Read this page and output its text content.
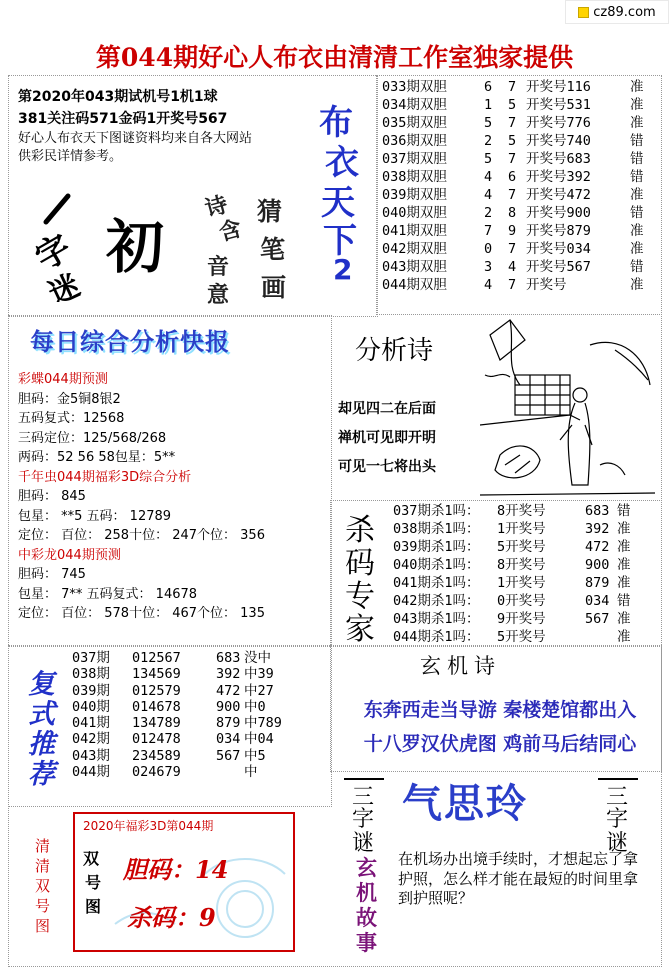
cz89.com
第044期好心人布衣由清清工作室独家提供
第2020年043期试机号1机1球
381关注码571金码1开奖号567
好心人布衣天下图谜资料均来自各大网站
供彩民详情参考。
字
迷
初
诗
含
猜
笔
画
音
意
布
衣
天
下
2
033期双胆	6 7 开奖号116	准
034期双胆	1 5 开奖号531	准
035期双胆	5 7 开奖号776	准
036期双胆	2 5 开奖号740	错
037期双胆	5 7 开奖号683	错
038期双胆	4 6 开奖号392	错
039期双胆	4 7 开奖号472	准
040期双胆	2 8 开奖号900	错
041期双胆	7 9 开奖号879	准
042期双胆	0 7 开奖号034	准
043期双胆	3 4 开奖号567	错
044期双胆	4 7 开奖号	准
每日综合分析快报
彩蝶044期预测
胆码：金5铜8银2
五码复式：12568
三码定位：125/568/268
两码：52 56 58包星：5**
千年虫044期福彩3D综合分析
胆码： 845
包星： **5 五码： 12789
定位： 百位： 258十位： 247个位： 356
中彩龙044期预测
胆码： 745
包星： 7** 五码复式： 14678
定位： 百位： 578十位： 467个位： 135
分析诗
却见四二在后面
禅机可见即开明
可见一七将出头
杀
码
专
家
037期杀1吗： 8开奖号	683 错
038期杀1吗： 1开奖号	392 准
039期杀1吗： 5开奖号	472 准
040期杀1吗： 8开奖号	900 准
041期杀1吗： 1开奖号	879 准
042期杀1吗： 0开奖号	034 错
043期杀1吗： 9开奖号	567 准
044期杀1吗： 5开奖号	准
复
式
推
荐
037期 012567	683 没中
038期 134569	392 中39
039期 012579	472 中27
040期 014678	900 中0
041期 134789	879 中789
042期 012478	034 中04
043期 234589	567 中5
044期 024679	中
玄机诗
东奔西走当导游 秦楼楚馆都出入
十八罗汉伏虎图 鸡前马后结同心
三
字
谜
三
字
谜
气思玲
玄
机
故
事
在机场办出境手续时，才想起忘了拿护照，怎么样才能在最短的时间里拿到护照呢？
清
清
双
号
图
2020年福彩3D第044期
双
号
图
胆码：14
杀码：9
